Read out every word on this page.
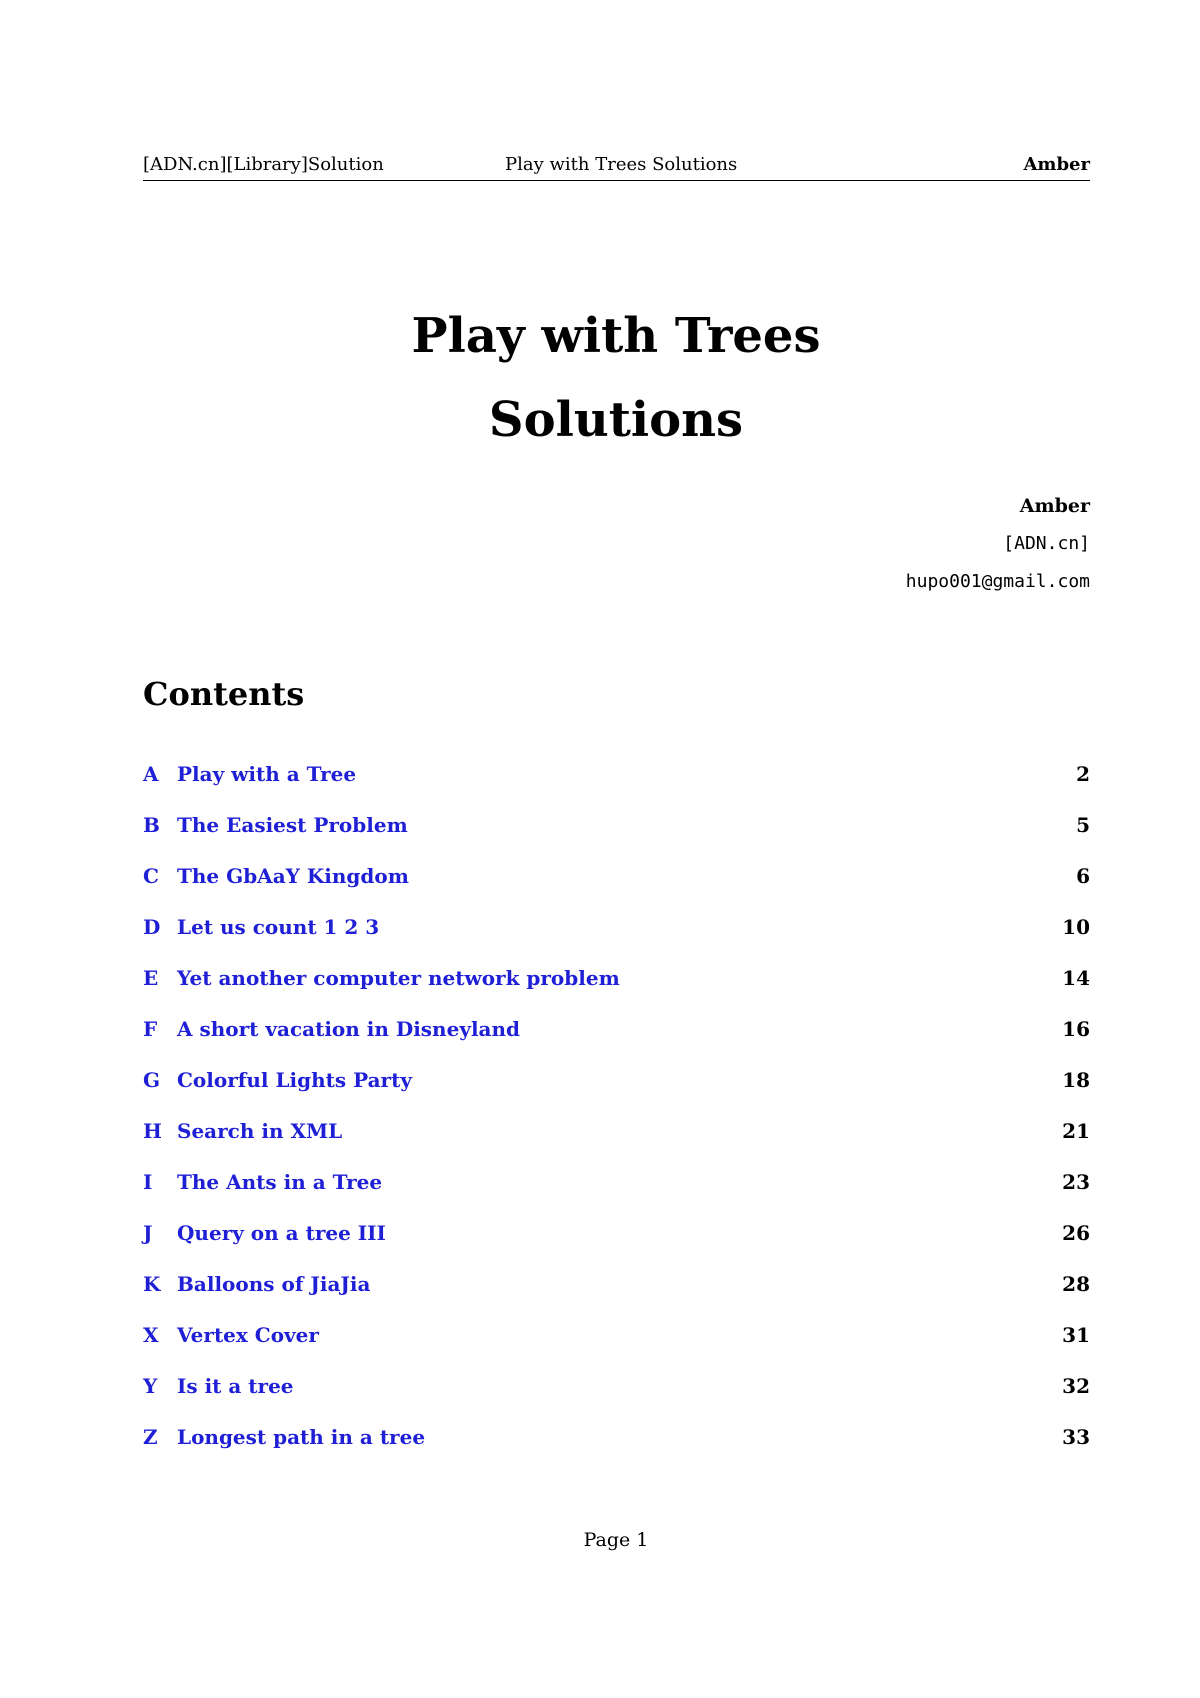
[ADN.cn][Library]Solution	Play with Trees Solutions	Amber
Play with Trees
Solutions
Amber
[ADN.cn]
hupo001@gmail.com
Contents
A Play with a Tree	2
B The Easiest Problem	5
C The GbAaY Kingdom	6
D Let us count 1 2 3	10
E Yet another computer network problem	14
F A short vacation in Disneyland	16
G Colorful Lights Party	18
H Search in XML	21
I The Ants in a Tree	23
J Query on a tree III	26
K Balloons of JiaJia	28
X Vertex Cover	31
Y Is it a tree	32
Z Longest path in a tree	33
Page 1
